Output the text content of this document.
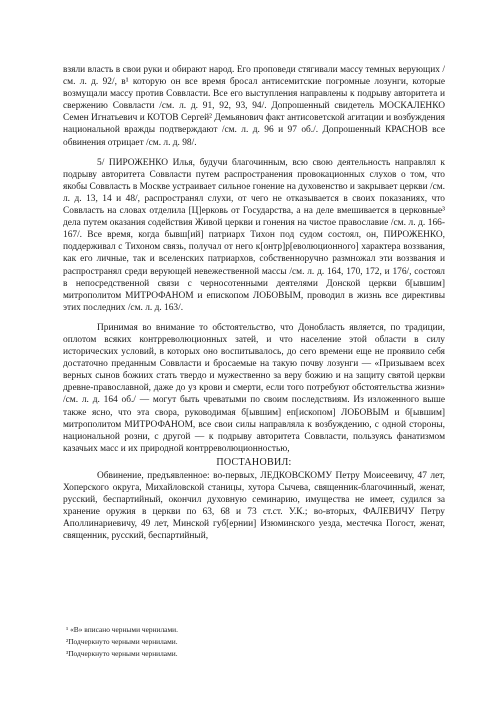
взяли власть в свои руки и обирают народ. Его проповеди стягивали массу темных верующих /см. л. д. 92/, в¹ которую он все время бросал антисемитские погромные лозунги, которые возмущали массу против Соввласти. Все его выступления направлены к подрыву авторитета и свержению Соввласти /см. л. д. 91, 92, 93, 94/. Допрошенный свидетель МОСКАЛЕНКО Семен Игнатьевич и КОТОВ Сергей² Демьянович факт антисоветской агитации и возбуждения национальной вражды подтверждают /см. л. д. 96 и 97 об./. Допрошенный КРАСНОВ все обвинения отрицает /см. л. д. 98/.

5/ ПИРОЖЕНКО Илья, будучи благочинным, всю свою деятельность направлял к подрыву авторитета Соввласти путем распространения провокационных слухов о том, что якобы Соввласть в Москве устраивает сильное гонение на духовенство и закрывает церкви /см. л. д. 13, 14 и 48/, распространял слухи, от чего не отказывается в своих показаниях, что Соввласть на словах отделила [Ц]ерковь от Государства, а на деле вмешивается в церковные³ дела путем оказания содействия Живой церкви и гонения на чистое православие /см. л. д. 166-167/. Все время, когда бывш[ий] патриарх Тихон под судом состоял, он, ПИРОЖЕНКО, поддерживал с Тихоном связь, получал от него к[онтр]р[еволюционного] характера воззвания, как его личные, так и вселенских патриархов, собственноручно размножал эти воззвания и распространял среди верующей невежественной массы /см. л. д. 164, 170, 172, и 176/, состоял в непосредственной связи с черносотенными деятелями Донской церкви б[ывшим] митрополитом МИТРОФАНОМ и епископом ЛОБОВЫМ, проводил в жизнь все директивы этих последних /см. л. д. 163/.

Принимая во внимание то обстоятельство, что Донобласть является, по традиции, оплотом всяких контрреволюционных затей, и что население этой области в силу исторических условий, в которых оно воспитывалось, до сего времени еще не проявило себя достаточно преданным Соввласти и бросаемые на такую почву лозунги — «Призываем всех верных сынов божиих стать твердо и мужественно за веру божию и на защиту святой церкви древне-православной, даже до уз крови и смерти, если того потребуют обстоятельства жизни» /см. л. д. 164 об./ — могут быть чреватыми по своим последствиям. Из изложенного выше также ясно, что эта свора, руководимая б[ывшим] еп[ископом] ЛОБОВЫМ и б[ывшим] митрополитом МИТРОФАНОМ, все свои силы направляла к возбуждению, с одной стороны, национальной розни, с другой — к подрыву авторитета Соввласти, пользуясь фанатизмом казачьих масс и их природной контрреволюционностью,

ПОСТАНОВИЛ:

Обвинение, предъявленное: во-первых, ЛЕДКОВСКОМУ Петру Моисеевичу, 47 лет, Хоперского округа, Михайловской станицы, хутора Сычева, священник-благочинный, женат, русский, беспартийный, окончил духовную семинарию, имущества не имеет, судился за хранение оружия в церкви по 63, 68 и 73 ст.ст. У.К.; во-вторых, ФАЛЕВИЧУ Петру Аполлинариевичу, 49 лет, Минской губ[ернии] Изюминского уезда, местечка Погост, женат, священник, русский, беспартийный,

¹ «В» вписано черными чернилами.

²Подчеркнуто черными чернилами.

³Подчеркнуто черными чернилами.
